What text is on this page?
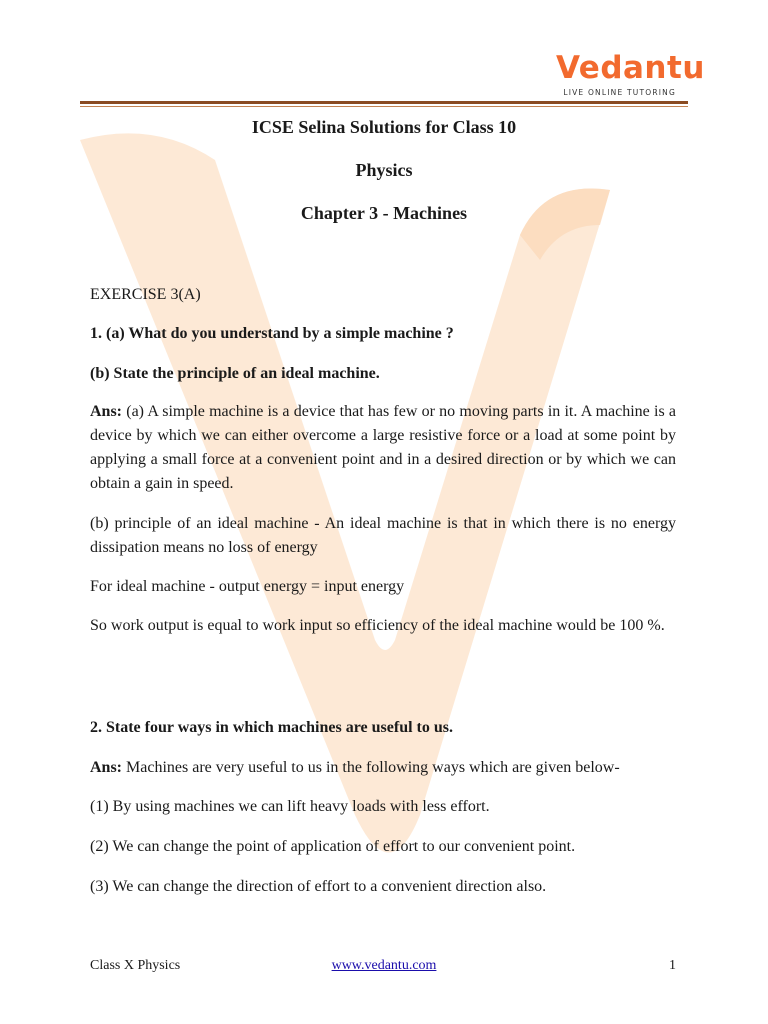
Vedantu
LIVE ONLINE TUTORING
ICSE Selina Solutions for Class 10
Physics
Chapter 3 - Machines
EXERCISE 3(A)
1. (a) What do you understand by a simple machine ?
(b) State the principle of an ideal machine.
Ans: (a) A simple machine is a device that has few or no moving parts in it. A machine is a device by which we can either overcome a large resistive force or a load at some point by applying a small force at a convenient point and in a desired direction or by which we can obtain a gain in speed.
(b) principle of an ideal machine - An ideal machine is that in which there is no energy dissipation means no loss of energy
For ideal machine - output energy = input energy
So work output is equal to work input so efficiency of the ideal machine would be 100 %.
2. State four ways in which machines are useful to us.
Ans: Machines are very useful to us in the following ways which are given below-
(1) By using machines we can lift heavy loads with less effort.
(2) We can change the point of application of effort to our convenient point.
(3) We can change the direction of effort to a convenient direction also.
Class X Physics	www.vedantu.com	1
